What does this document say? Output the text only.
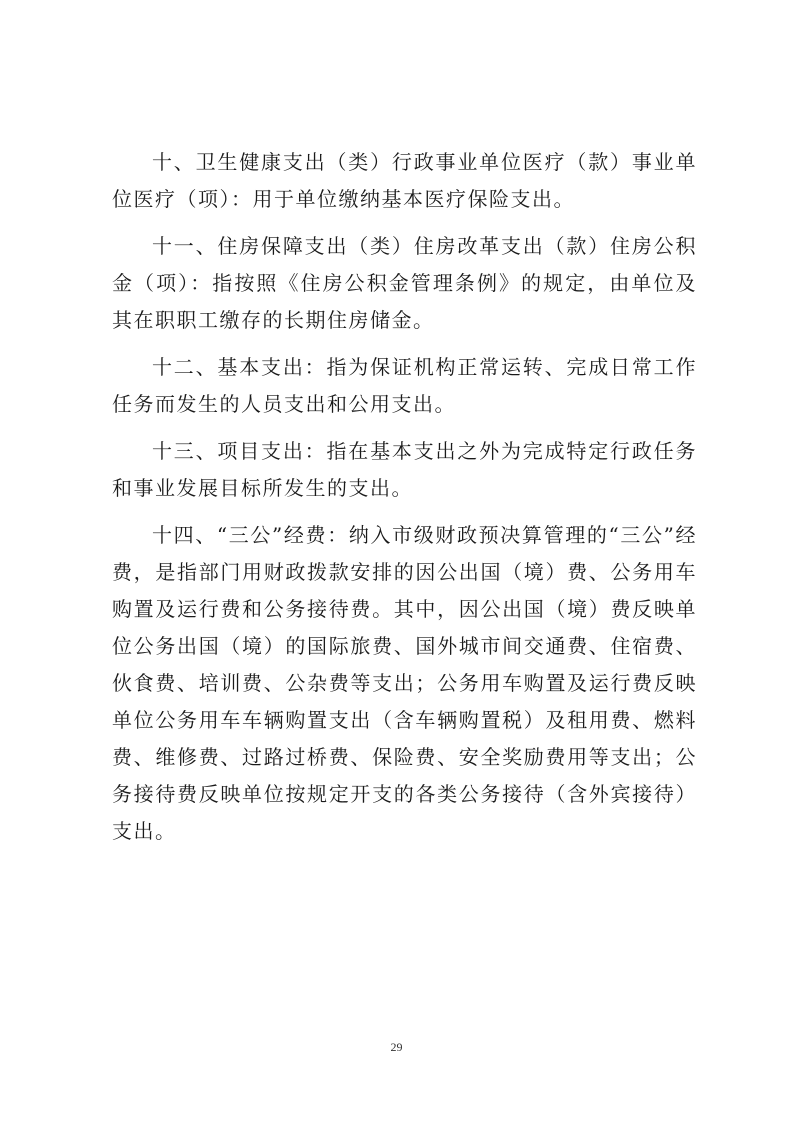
十、卫生健康支出（类）行政事业单位医疗（款）事业单位医疗（项）：用于单位缴纳基本医疗保险支出。

十一、住房保障支出（类）住房改革支出（款）住房公积金（项）：指按照《住房公积金管理条例》的规定，由单位及其在职职工缴存的长期住房储金。

十二、基本支出：指为保证机构正常运转、完成日常工作任务而发生的人员支出和公用支出。

十三、项目支出：指在基本支出之外为完成特定行政任务和事业发展目标所发生的支出。

十四、“三公”经费：纳入市级财政预决算管理的“三公”经费，是指部门用财政拨款安排的因公出国（境）费、公务用车购置及运行费和公务接待费。其中，因公出国（境）费反映单位公务出国（境）的国际旅费、国外城市间交通费、住宿费、伙食费、培训费、公杂费等支出；公务用车购置及运行费反映单位公务用车车辆购置支出（含车辆购置税）及租用费、燃料费、维修费、过路过桥费、保险费、安全奖励费用等支出；公务接待费反映单位按规定开支的各类公务接待（含外宾接待）支出。

29
